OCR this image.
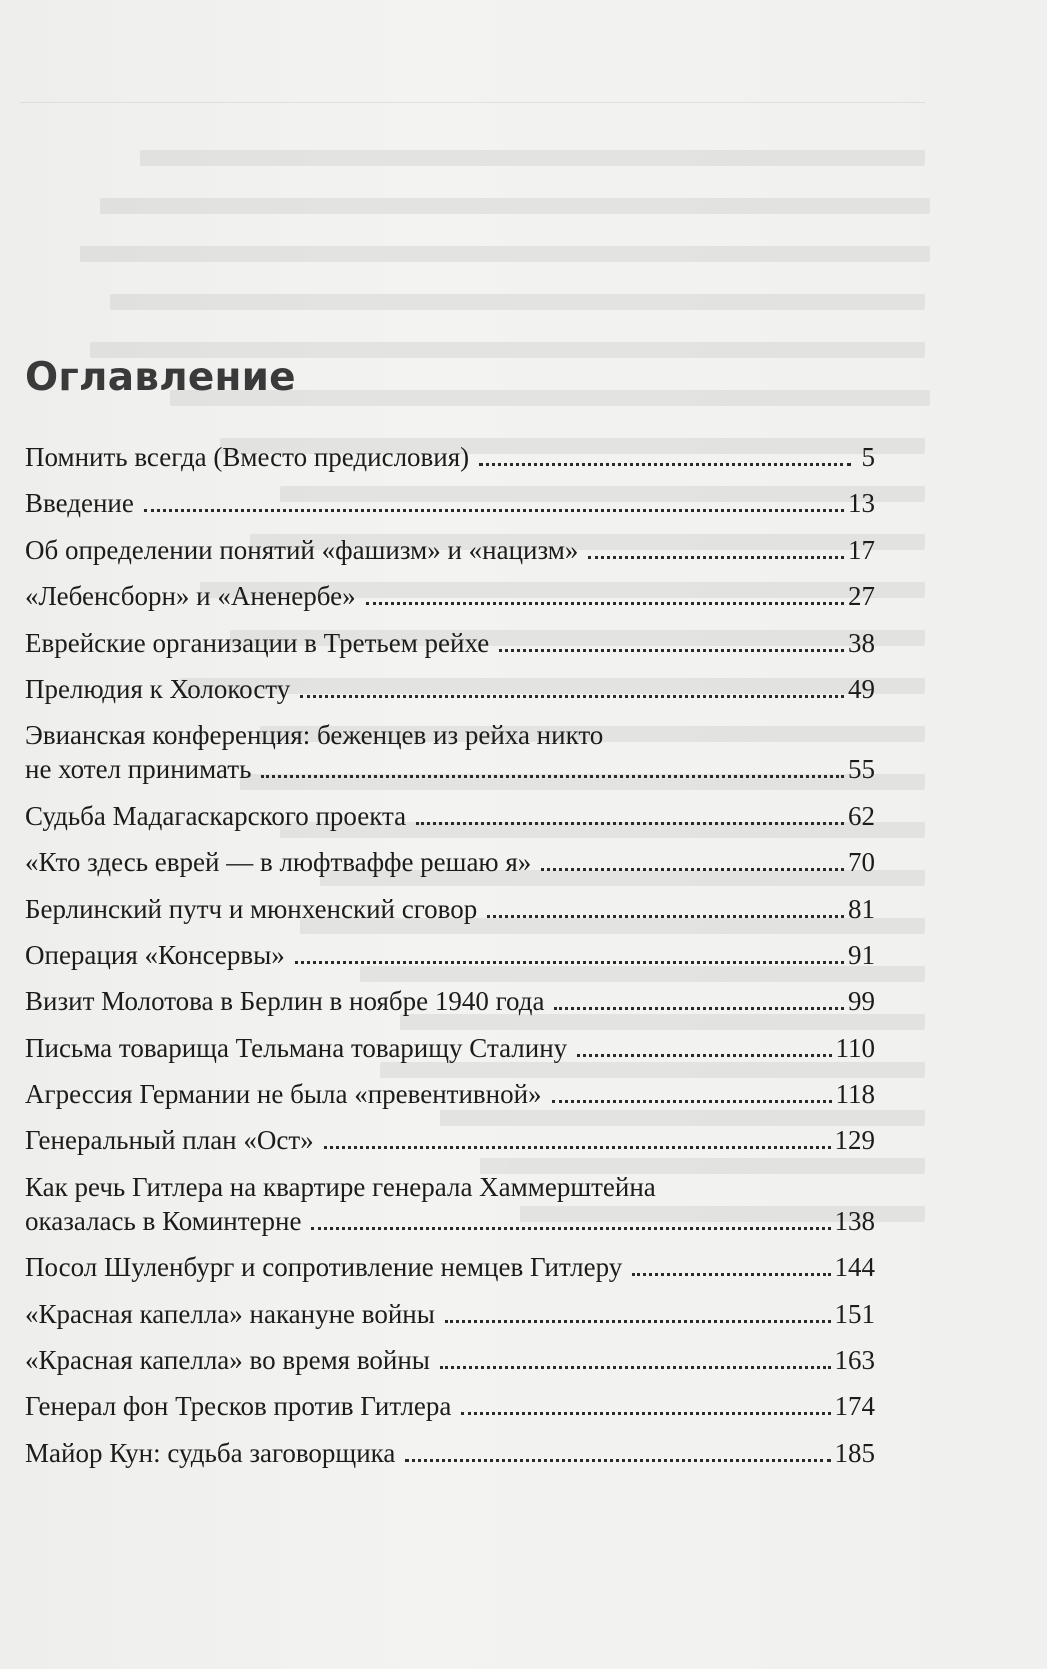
Оглавление
Помнить всегда (Вместо предисловия)	5
Введение	13
Об определении понятий «фашизм» и «нацизм»	17
«Лебенсборн» и «Аненербе»	27
Еврейские организации в Третьем рейхе	38
Прелюдия к Холокосту	49
Эвианская конференция: беженцев из рейха никто
не хотел принимать	55
Судьба Мадагаскарского проекта	62
«Кто здесь еврей — в люфтваффе решаю я»	70
Берлинский путч и мюнхенский сговор	81
Операция «Консервы»	91
Визит Молотова в Берлин в ноябре 1940 года	99
Письма товарища Тельмана товарищу Сталину	110
Агрессия Германии не была «превентивной»	118
Генеральный план «Ост»	129
Как речь Гитлера на квартире генерала Хаммерштейна
оказалась в Коминтерне	138
Посол Шуленбург и сопротивление немцев Гитлеру	144
«Красная капелла» накануне войны	151
«Красная капелла» во время войны	163
Генерал фон Тресков против Гитлера	174
Майор Кун: судьба заговорщика	185
